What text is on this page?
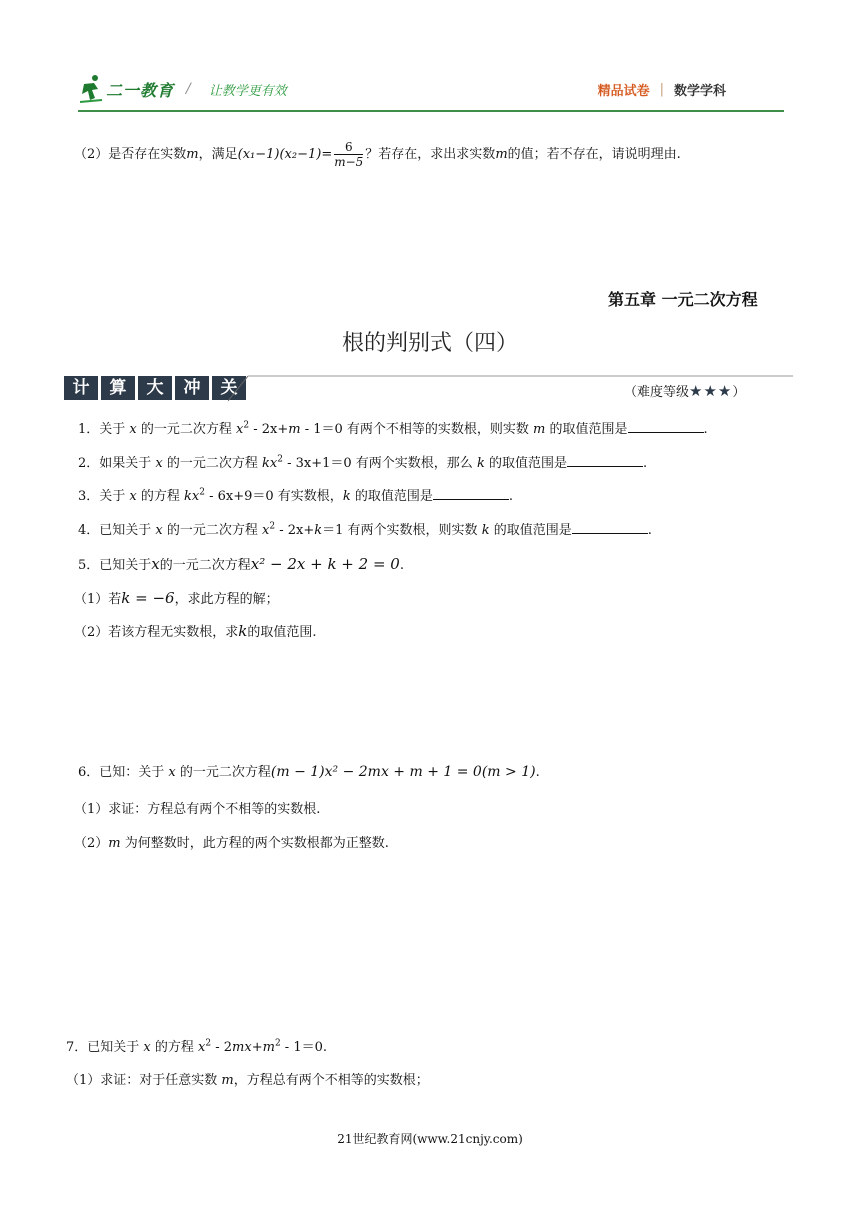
二一教育 / 让教学更有效	精品试卷 | 数学学科
（2）是否存在实数m，满足$(x_1-1)(x_2-1)= \frac{6}{m-5}$ ？若存在，求出求实数m的值；若不存在，请说明理由.
第五章 一元二次方程
根的判别式（四）
计	算	大	冲	关	（难度等级★★★）
1．关于 x 的一元二次方程 $x^2 - 2x+m - 1=0$ 有两个不相等的实数根，则实数 m 的取值范围是	.
2．如果关于 x 的一元二次方程 $kx^2 - 3x+1=0$ 有两个实数根，那么 k 的取值范围是	.
3．关于 x 的方程 $kx^2 - 6x+9=0$ 有实数根，k 的取值范围是	.
4．已知关于 x 的一元二次方程 $x^2 - 2x+k=1$ 有两个实数根，则实数 k 的取值范围是	.
5．已知关于x的一元二次方程x² − 2x + k + 2 = 0.
（1）若k = −6，求此方程的解；
（2）若该方程无实数根，求k的取值范围.
6．已知：关于 x 的一元二次方程(m − 1)x² − 2mx + m + 1 = 0(m > 1).
（1）求证：方程总有两个不相等的实数根.
（2）m 为何整数时，此方程的两个实数根都为正整数.
7．已知关于 x 的方程 $x^2 - 2mx+m^2 - 1=0$.
（1）求证：对于任意实数 m，方程总有两个不相等的实数根；
21世纪教育网(www.21cnjy.com)
